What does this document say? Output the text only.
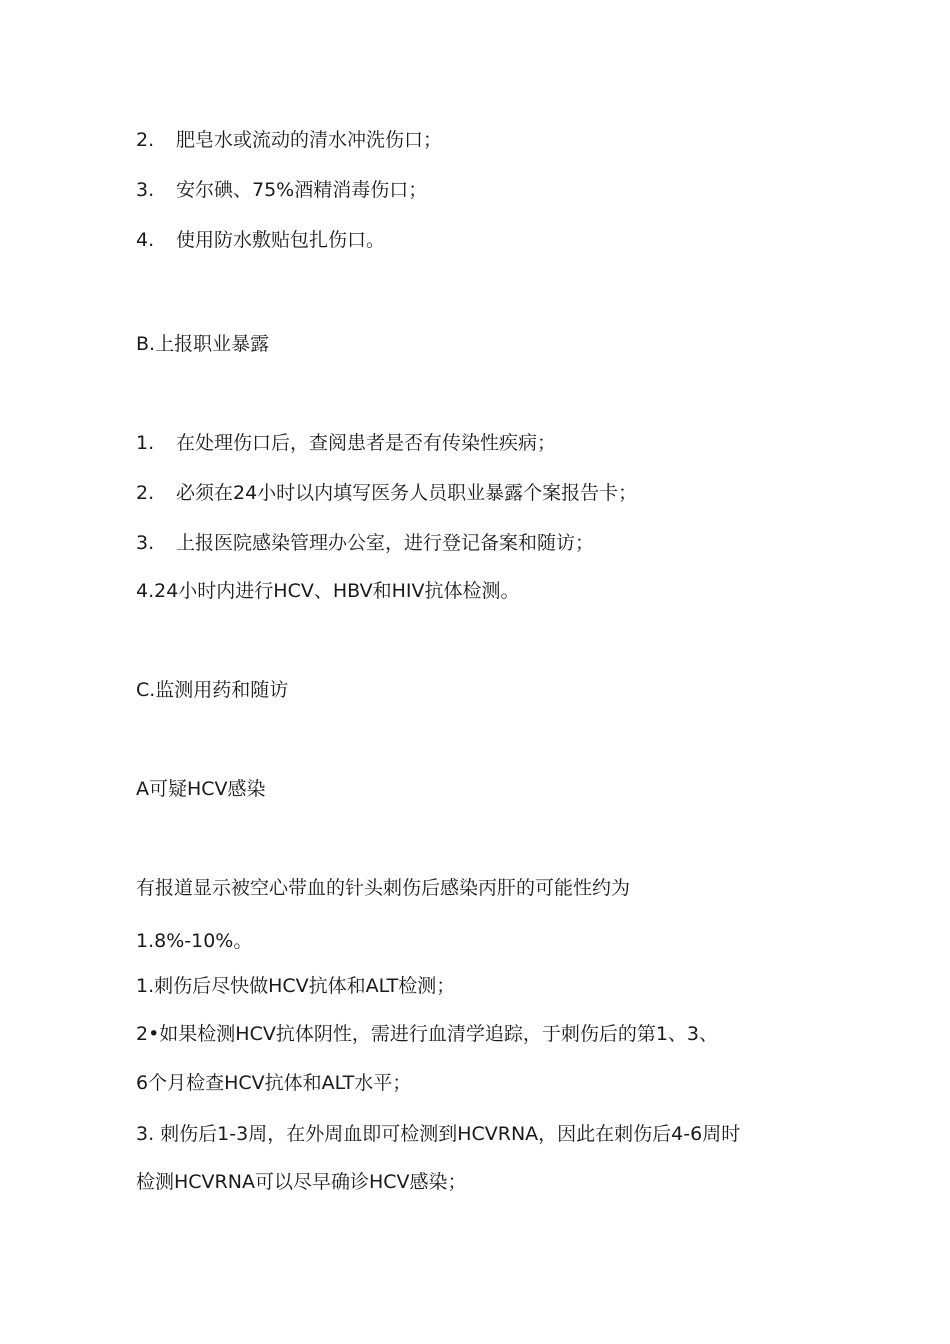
2. 肥皂水或流动的清水冲洗伤口；
3. 安尔碘、75%酒精消毒伤口；
4. 使用防水敷贴包扎伤口。
B.上报职业暴露
1. 在处理伤口后，查阅患者是否有传染性疾病；
2. 必须在24小时以内填写医务人员职业暴露个案报告卡；
3. 上报医院感染管理办公室，进行登记备案和随访；
4.24小时内进行HCV、HBV和HIV抗体检测。
C.监测用药和随访
A可疑HCV感染
有报道显示被空心带血的针头刺伤后感染丙肝的可能性约为
1.8%-10%。
1.刺伤后尽快做HCV抗体和ALT检测；
2•如果检测HCV抗体阴性，需进行血清学追踪，于刺伤后的第1、3、
6个月检查HCV抗体和ALT水平；
3. 刺伤后1-3周，在外周血即可检测到HCVRNA，因此在刺伤后4-6周时
检测HCVRNA可以尽早确诊HCV感染；
